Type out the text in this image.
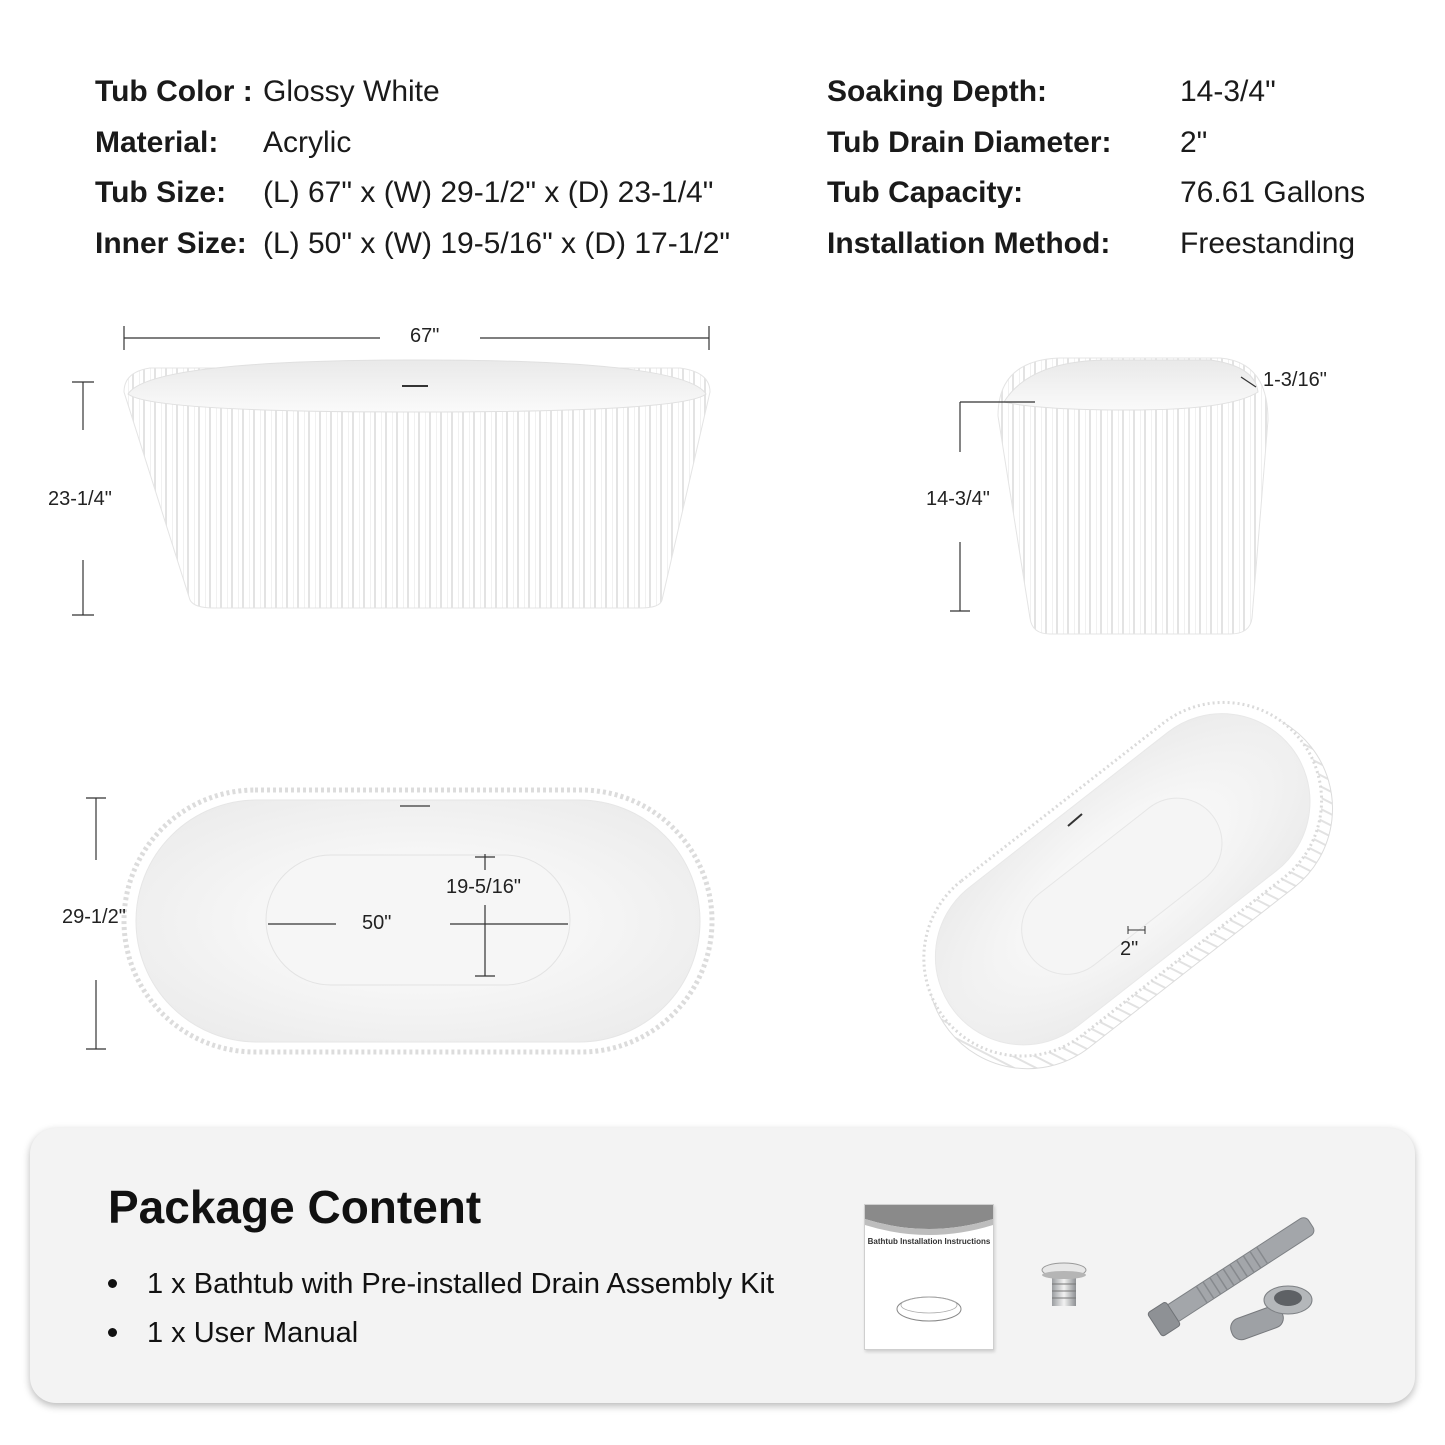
Tub Color : Glossy White
Material: Acrylic
Tub Size: (L) 67" x (W) 29-1/2" x (D) 23-1/4"
Inner Size: (L) 50" x (W) 19-5/16" x (D) 17-1/2"
Soaking Depth:	14-3/4"
Tub Drain Diameter: 2"
Tub Capacity:	76.61 Gallons
Installation Method: Freestanding
67"
23-1/4"
1-3/16"
14-3/4"
29-1/2"	50"
19-5/16"
2"
Package Content
1 x Bathtub with Pre-installed Drain Assembly Kit
1 x User Manual
Bathtub Installation Instructions
